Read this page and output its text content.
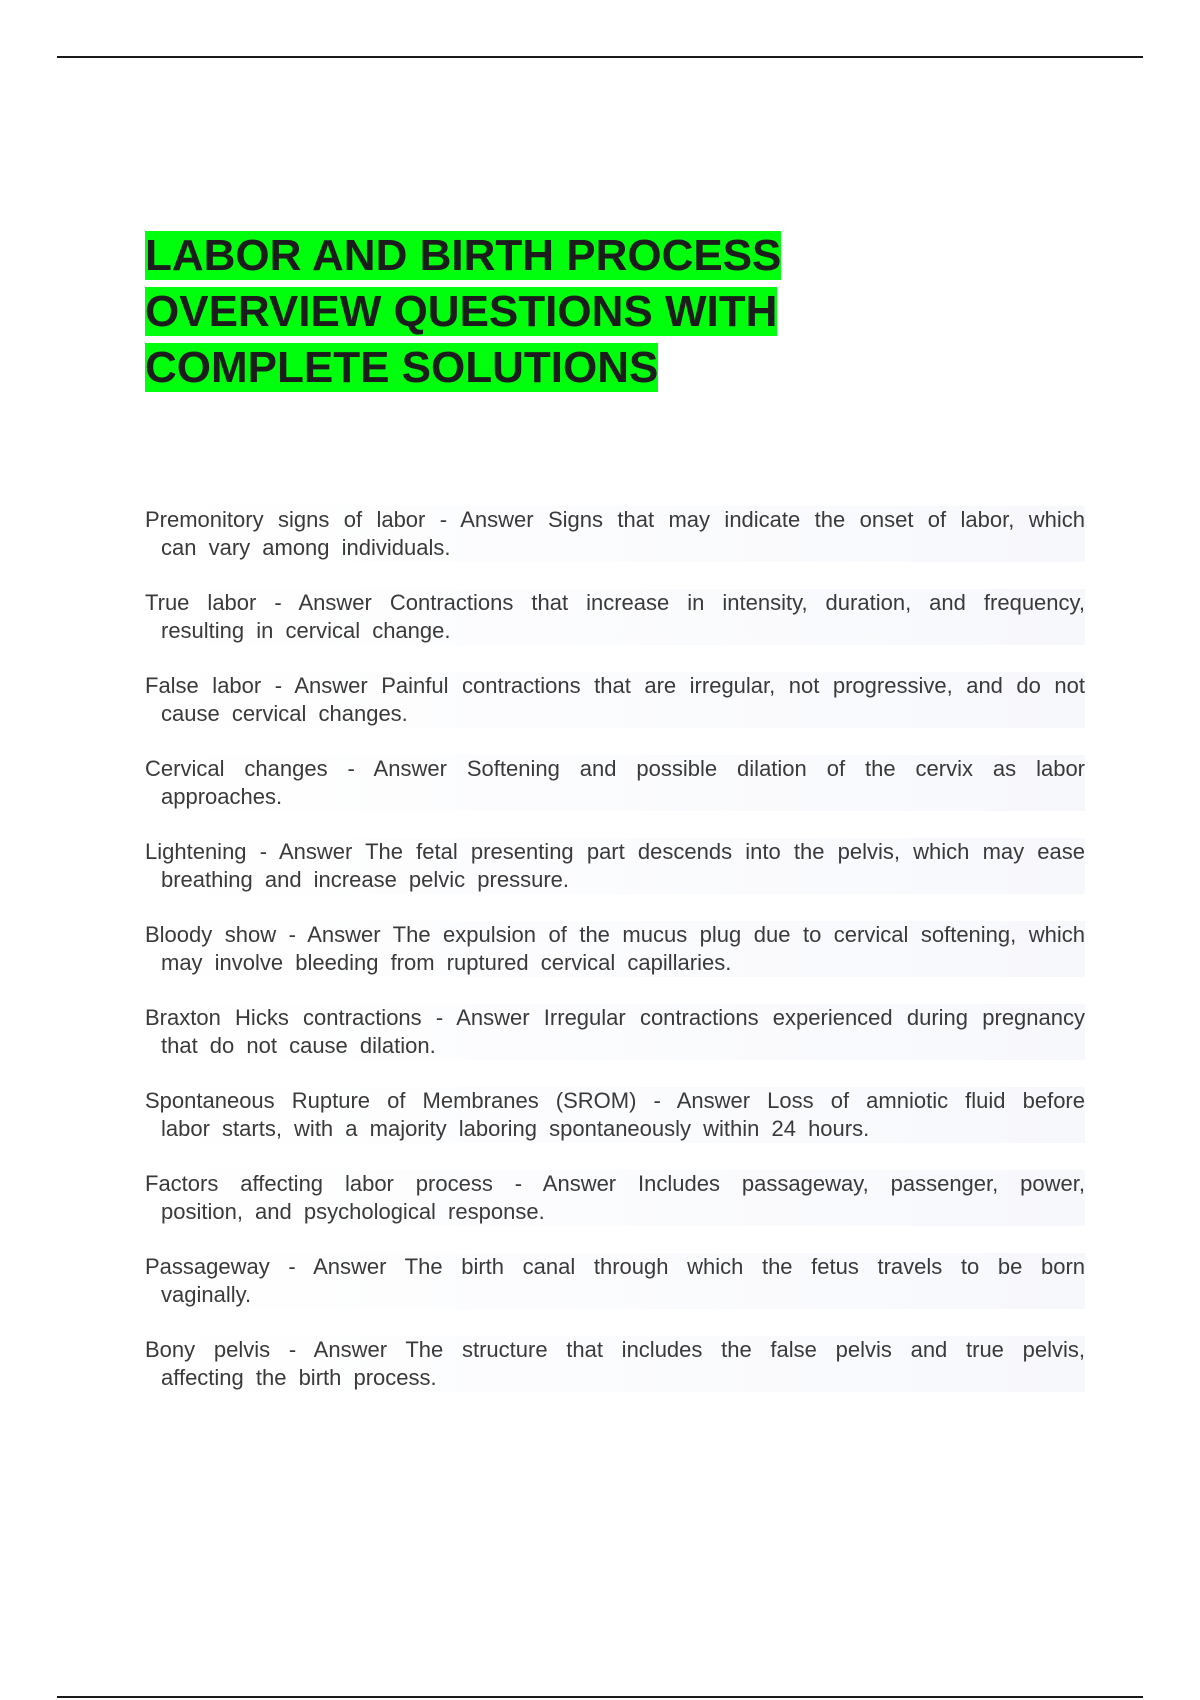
LABOR AND BIRTH PROCESS
OVERVIEW QUESTIONS WITH
COMPLETE SOLUTIONS

Premonitory signs of labor - Answer Signs that may indicate the onset of labor, which can vary among individuals.

True labor - Answer Contractions that increase in intensity, duration, and frequency, resulting in cervical change.

False labor - Answer Painful contractions that are irregular, not progressive, and do not cause cervical changes.

Cervical changes - Answer Softening and possible dilation of the cervix as labor approaches.

Lightening - Answer The fetal presenting part descends into the pelvis, which may ease breathing and increase pelvic pressure.

Bloody show - Answer The expulsion of the mucus plug due to cervical softening, which may involve bleeding from ruptured cervical capillaries.

Braxton Hicks contractions - Answer Irregular contractions experienced during pregnancy that do not cause dilation.

Spontaneous Rupture of Membranes (SROM) - Answer Loss of amniotic fluid before labor starts, with a majority laboring spontaneously within 24 hours.

Factors affecting labor process - Answer Includes passageway, passenger, power, position, and psychological response.

Passageway - Answer The birth canal through which the fetus travels to be born vaginally.

Bony pelvis - Answer The structure that includes the false pelvis and true pelvis, affecting the birth process.
